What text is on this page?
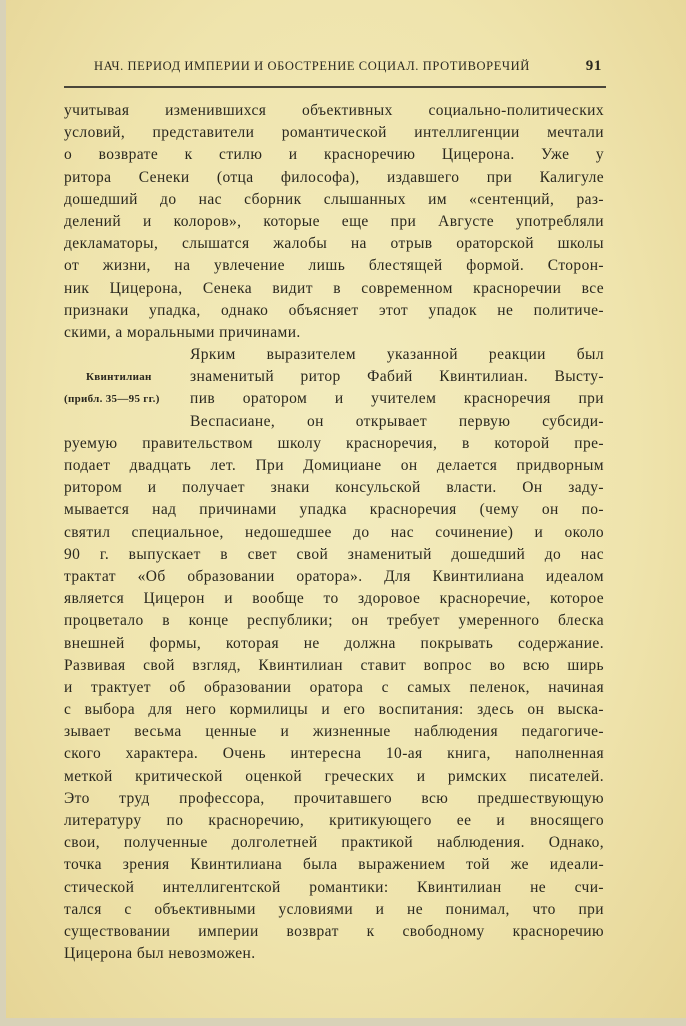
НАЧ. ПЕРИОД ИМПЕРИИ И ОБОСТРЕНИЕ СОЦИАЛ. ПРОТИВОРЕЧИЙ	91
Квинтилиан
(прибл. 35—95 гг.)
учитывая изменившихся объективных социально-политических
условий, представители романтической интеллигенции мечтали
о возврате к стилю и красноречию Цицерона. Уже у
ритора Сенеки (отца философа), издавшего при Калигуле
дошедший до нас сборник слышанных им «сентенций, раз-
делений и колоров», которые еще при Августе употребляли
декламаторы, слышатся жалобы на отрыв ораторской школы
от жизни, на увлечение лишь блестящей формой. Сторон-
ник Цицерона, Сенека видит в современном красноречии все
признаки упадка, однако объясняет этот упадок не политиче-
скими, а моральными причинами.
Ярким выразителем указанной реакции был
знаменитый ритор Фабий Квинтилиан. Высту-
пив оратором и учителем красноречия при
Веспасиане, он открывает первую субсиди-
руемую правительством школу красноречия, в которой пре-
подает двадцать лет. При Домициане он делается придворным
ритором и получает знаки консульской власти. Он заду-
мывается над причинами упадка красноречия (чему он по-
святил специальное, недошедшее до нас сочинение) и около
90 г. выпускает в свет свой знаменитый дошедший до нас
трактат «Об образовании оратора». Для Квинтилиана идеалом
является Цицерон и вообще то здоровое красноречие, которое
процветало в конце республики; он требует умеренного блеска
внешней формы, которая не должна покрывать содержание.
Развивая свой взгляд, Квинтилиан ставит вопрос во всю ширь
и трактует об образовании оратора с самых пеленок, начиная
с выбора для него кормилицы и его воспитания: здесь он выска-
зывает весьма ценные и жизненные наблюдения педагогиче-
ского характера. Очень интересна 10-ая книга, наполненная
меткой критической оценкой греческих и римских писателей.
Это труд профессора, прочитавшего всю предшествующую
литературу по красноречию, критикующего ее и вносящего
свои, полученные долголетней практикой наблюдения. Однако,
точка зрения Квинтилиана была выражением той же идеали-
стической интеллигентской романтики: Квинтилиан не счи-
тался с объективными условиями и не понимал, что при
существовании империи возврат к свободному красноречию
Цицерона был невозможен.
